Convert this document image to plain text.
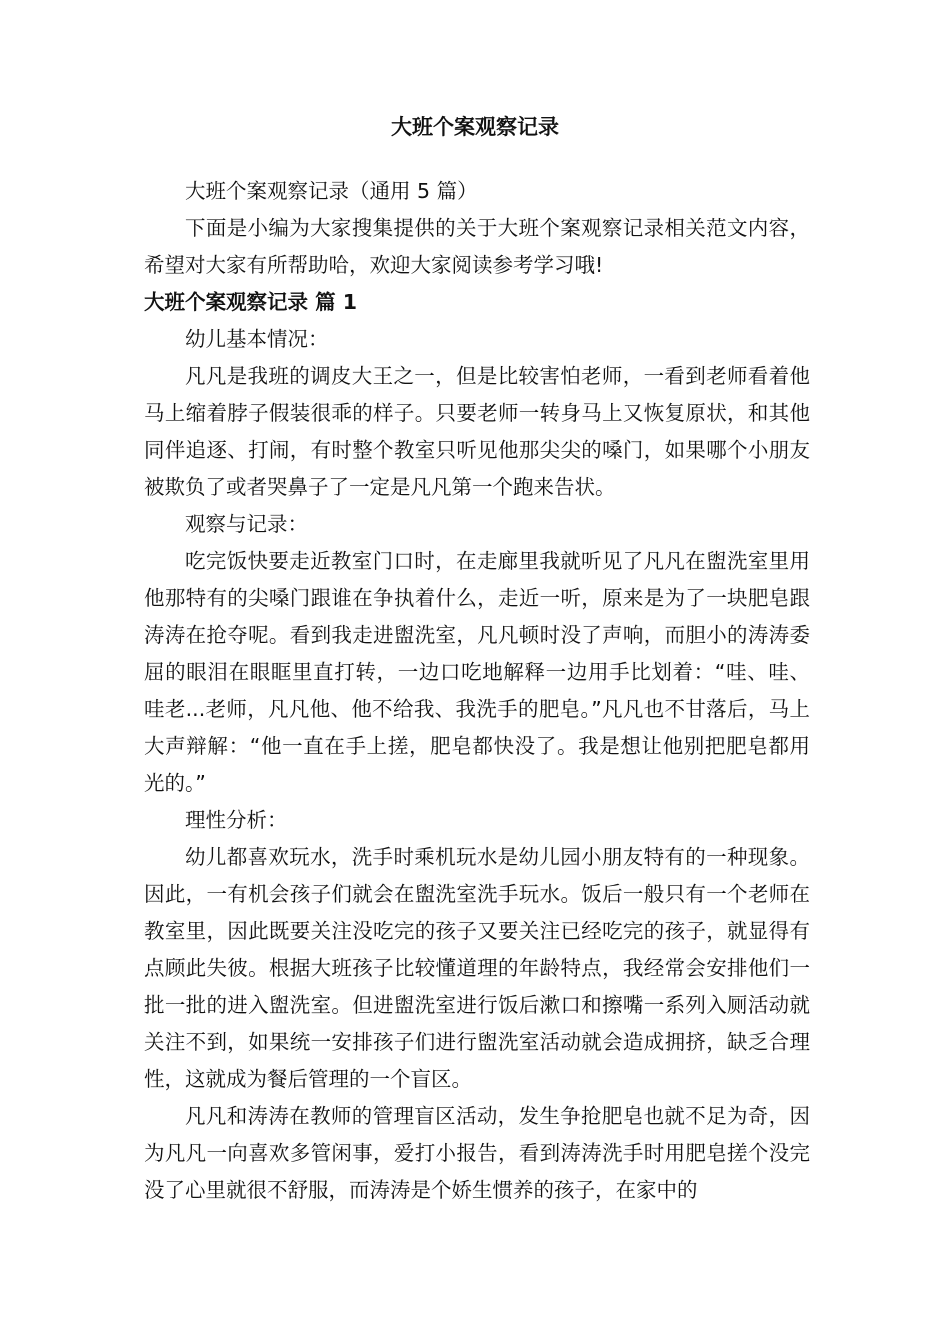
大班个案观察记录

大班个案观察记录（通用 5 篇）

下面是小编为大家搜集提供的关于大班个案观察记录相关范文内容，希望对大家有所帮助哈，欢迎大家阅读参考学习哦!

大班个案观察记录 篇 1

幼儿基本情况：

凡凡是我班的调皮大王之一，但是比较害怕老师，一看到老师看着他马上缩着脖子假装很乖的样子。只要老师一转身马上又恢复原状，和其他同伴追逐、打闹，有时整个教室只听见他那尖尖的嗓门，如果哪个小朋友被欺负了或者哭鼻子了一定是凡凡第一个跑来告状。

观察与记录：

吃完饭快要走近教室门口时，在走廊里我就听见了凡凡在盥洗室里用他那特有的尖嗓门跟谁在争执着什么，走近一听，原来是为了一块肥皂跟涛涛在抢夺呢。看到我走进盥洗室，凡凡顿时没了声响，而胆小的涛涛委屈的眼泪在眼眶里直打转，一边口吃地解释一边用手比划着：“哇、哇、哇老...老师，凡凡他、他不给我、我洗手的肥皂。”凡凡也不甘落后，马上大声辩解：“他一直在手上搓，肥皂都快没了。我是想让他别把肥皂都用光的。”

理性分析：

幼儿都喜欢玩水，洗手时乘机玩水是幼儿园小朋友特有的一种现象。因此，一有机会孩子们就会在盥洗室洗手玩水。饭后一般只有一个老师在教室里，因此既要关注没吃完的孩子又要关注已经吃完的孩子，就显得有点顾此失彼。根据大班孩子比较懂道理的年龄特点，我经常会安排他们一批一批的进入盥洗室。但进盥洗室进行饭后漱口和擦嘴一系列入厕活动就关注不到，如果统一安排孩子们进行盥洗室活动就会造成拥挤，缺乏合理性，这就成为餐后管理的一个盲区。

凡凡和涛涛在教师的管理盲区活动，发生争抢肥皂也就不足为奇，因为凡凡一向喜欢多管闲事，爱打小报告，看到涛涛洗手时用肥皂搓个没完没了心里就很不舒服，而涛涛是个娇生惯养的孩子，在家中的
